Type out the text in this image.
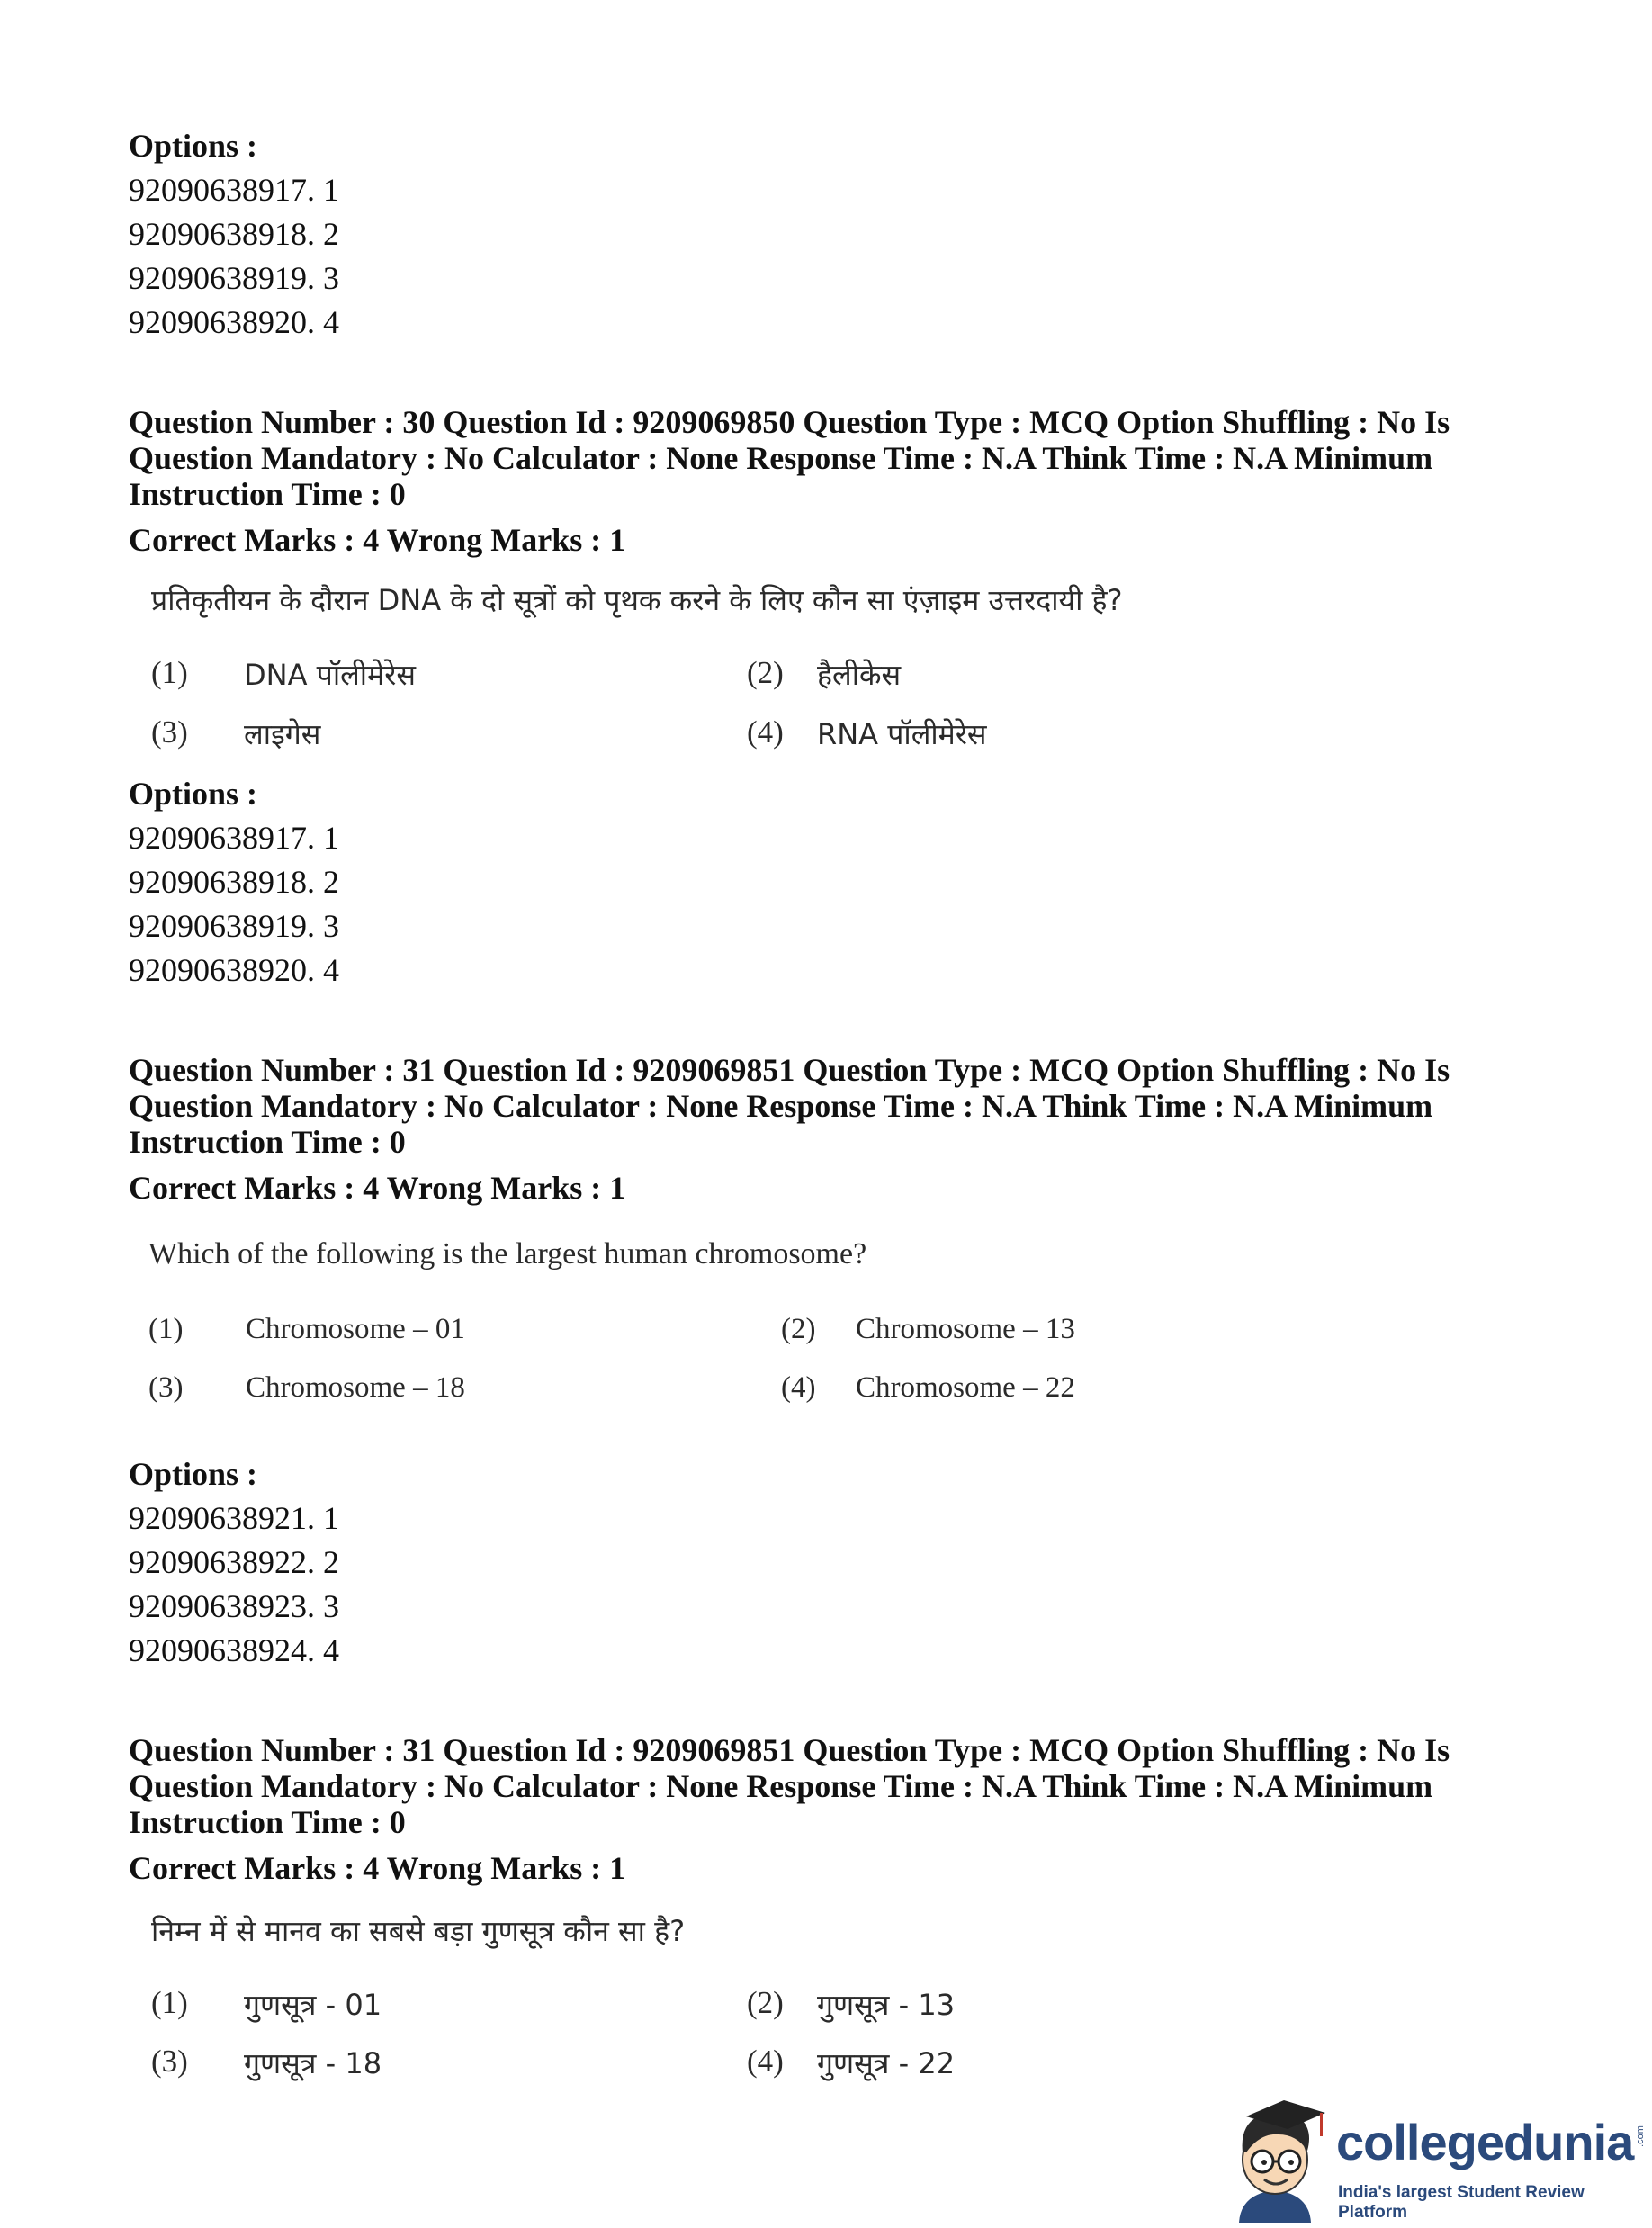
Options :
92090638917. 1
92090638918. 2
92090638919. 3
92090638920. 4
Question Number : 30 Question Id : 9209069850 Question Type : MCQ Option Shuffling : No Is
Question Mandatory : No Calculator : None Response Time : N.A Think Time : N.A Minimum
Instruction Time : 0
Correct Marks : 4 Wrong Marks : 1
प्रतिकृतीयन के दौरान DNA के दो सूत्रों को पृथक करने के लिए कौन सा एंज़ाइम उत्तरदायी है?
(1) DNA पॉलीमेरेस	(2) हैलीकेस
(3) लाइगेस	(4) RNA पॉलीमेरेस
Options :
92090638917. 1
92090638918. 2
92090638919. 3
92090638920. 4
Question Number : 31 Question Id : 9209069851 Question Type : MCQ Option Shuffling : No Is
Question Mandatory : No Calculator : None Response Time : N.A Think Time : N.A Minimum
Instruction Time : 0
Correct Marks : 4 Wrong Marks : 1
Which of the following is the largest human chromosome?
(1) Chromosome – 01	(2) Chromosome – 13
(3) Chromosome – 18	(4) Chromosome – 22
Options :
92090638921. 1
92090638922. 2
92090638923. 3
92090638924. 4
Question Number : 31 Question Id : 9209069851 Question Type : MCQ Option Shuffling : No Is
Question Mandatory : No Calculator : None Response Time : N.A Think Time : N.A Minimum
Instruction Time : 0
Correct Marks : 4 Wrong Marks : 1
निम्न में से मानव का सबसे बड़ा गुणसूत्र कौन सा है?
(1) गुणसूत्र - 01	(2) गुणसूत्र - 13
(3) गुणसूत्र - 18	(4) गुणसूत्र - 22
collegedunia .com
India's largest Student Review Platform
